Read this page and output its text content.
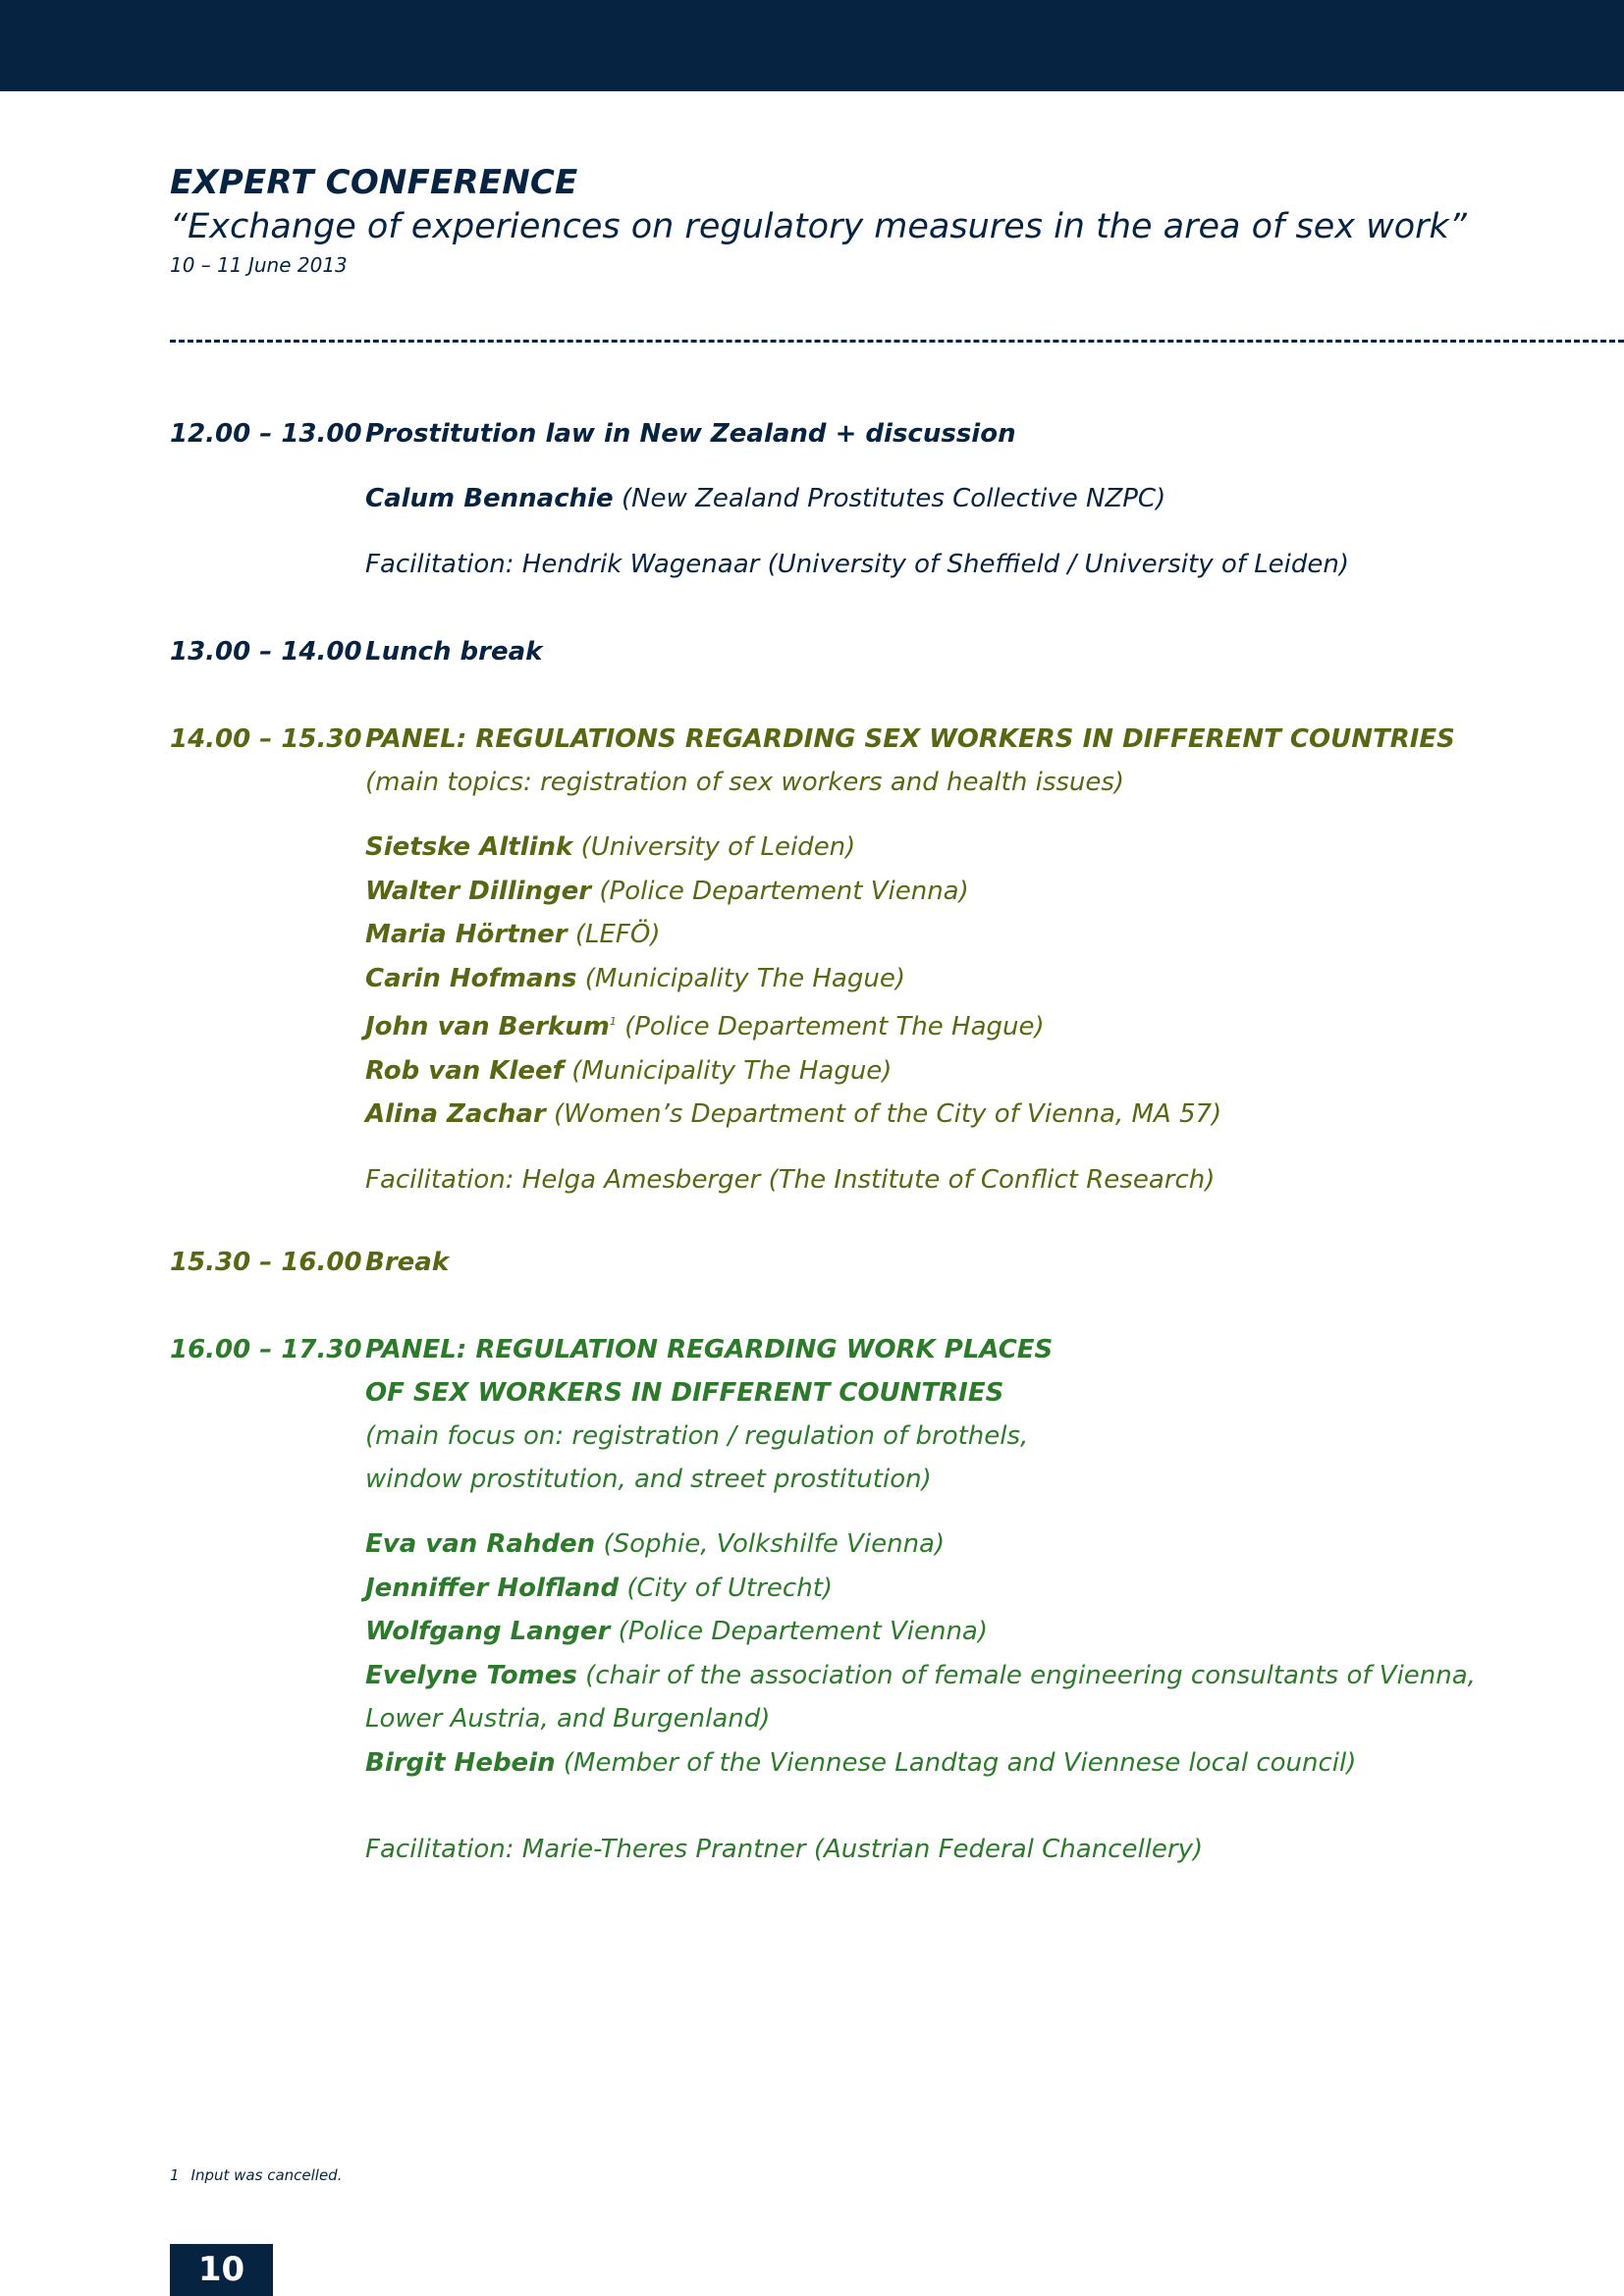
EXPERT CONFERENCE
“Exchange of experiences on regulatory measures in the area of sex work”
10 – 11 June 2013
12.00 – 13.00 Prostitution law in New Zealand + discussion
Calum Bennachie (New Zealand Prostitutes Collective NZPC)
Facilitation: Hendrik Wagenaar (University of Sheffield / University of Leiden)
13.00 – 14.00 Lunch break
14.00 – 15.30 PANEL: REGULATIONS REGARDING SEX WORKERS IN DIFFERENT COUNTRIES
(main topics: registration of sex workers and health issues)
Sietske Altlink (University of Leiden)
Walter Dillinger (Police Departement Vienna)
Maria Hörtner (LEFÖ)
Carin Hofmans (Municipality The Hague)
John van Berkum$^1$ (Police Departement The Hague)
Rob van Kleef (Municipality The Hague)
Alina Zachar (Women’s Department of the City of Vienna, MA 57)
Facilitation: Helga Amesberger (The Institute of Conflict Research)
15.30 – 16.00 Break
16.00 – 17.30 PANEL: REGULATION REGARDING WORK PLACES
OF SEX WORKERS IN DIFFERENT COUNTRIES
(main focus on: registration / regulation of brothels,
window prostitution, and street prostitution)
Eva van Rahden (Sophie, Volkshilfe Vienna)
Jenniffer Holfland (City of Utrecht)
Wolfgang Langer (Police Departement Vienna)
Evelyne Tomes (chair of the association of female engineering consultants of Vienna,
Lower Austria, and Burgenland)
Birgit Hebein (Member of the Viennese Landtag and Viennese local council)
Facilitation: Marie-Theres Prantner (Austrian Federal Chancellery)
1 Input was cancelled.
10
